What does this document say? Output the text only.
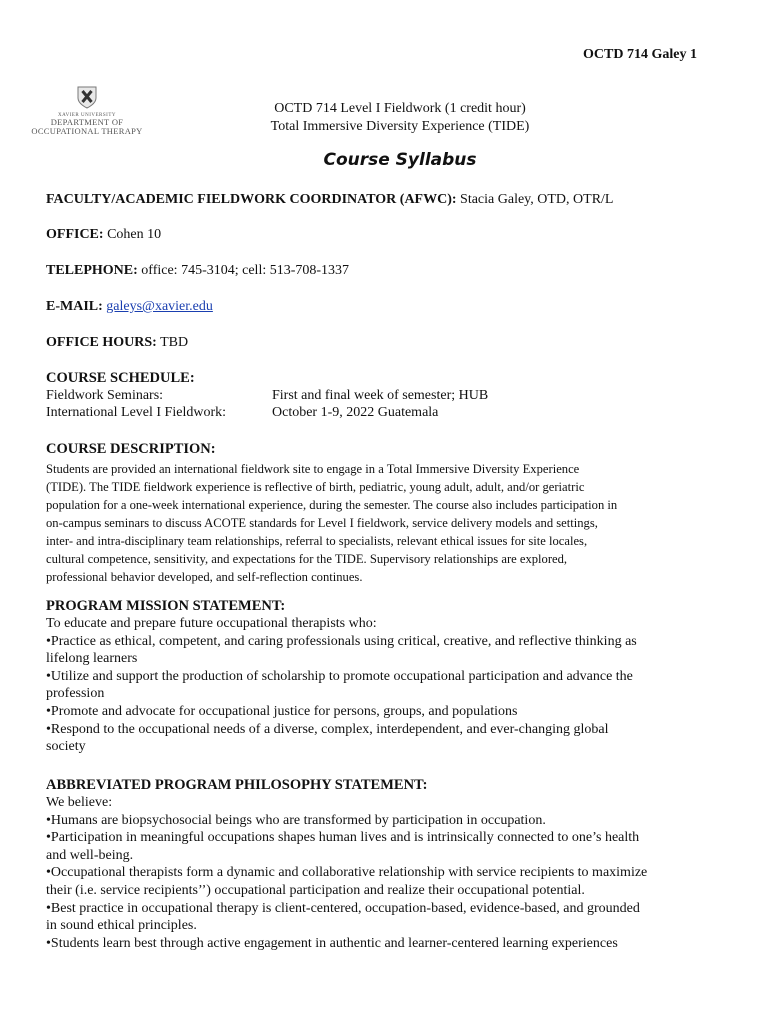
OCTD 714 Galey 1
XAVIER UNIVERSITY
DEPARTMENT OF
OCCUPATIONAL THERAPY
OCTD 714 Level I Fieldwork (1 credit hour)
Total Immersive Diversity Experience (TIDE)
Course Syllabus
FACULTY/ACADEMIC FIELDWORK COORDINATOR (AFWC): Stacia Galey, OTD, OTR/L
OFFICE: Cohen 10
TELEPHONE: office: 745-3104; cell: 513-708-1337
E-MAIL: galeys@xavier.edu
OFFICE HOURS: TBD
COURSE SCHEDULE:
Fieldwork Seminars:	First and final week of semester; HUB
International Level I Fieldwork:	October 1-9, 2022 Guatemala
COURSE DESCRIPTION:
Students are provided an international fieldwork site to engage in a Total Immersive Diversity Experience
(TIDE). The TIDE fieldwork experience is reflective of birth, pediatric, young adult, adult, and/or geriatric
population for a one-week international experience, during the semester. The course also includes participation in
on-campus seminars to discuss ACOTE standards for Level I fieldwork, service delivery models and settings,
inter- and intra-disciplinary team relationships, referral to specialists, relevant ethical issues for site locales,
cultural competence, sensitivity, and expectations for the TIDE. Supervisory relationships are explored,
professional behavior developed, and self-reflection continues.
PROGRAM MISSION STATEMENT:
To educate and prepare future occupational therapists who:
• Practice as ethical, competent, and caring professionals using critical, creative, and reflective thinking as
lifelong learners
• Utilize and support the production of scholarship to promote occupational participation and advance the
profession
• Promote and advocate for occupational justice for persons, groups, and populations
• Respond to the occupational needs of a diverse, complex, interdependent, and ever-changing global
society
ABBREVIATED PROGRAM PHILOSOPHY STATEMENT:
We believe:
• Humans are biopsychosocial beings who are transformed by participation in occupation.
• Participation in meaningful occupations shapes human lives and is intrinsically connected to one’s health
and well-being.
• Occupational therapists form a dynamic and collaborative relationship with service recipients to maximize
their (i.e. service recipients’’) occupational participation and realize their occupational potential.
• Best practice in occupational therapy is client-centered, occupation-based, evidence-based, and grounded
in sound ethical principles.
• Students learn best through active engagement in authentic and learner-centered learning experiences
